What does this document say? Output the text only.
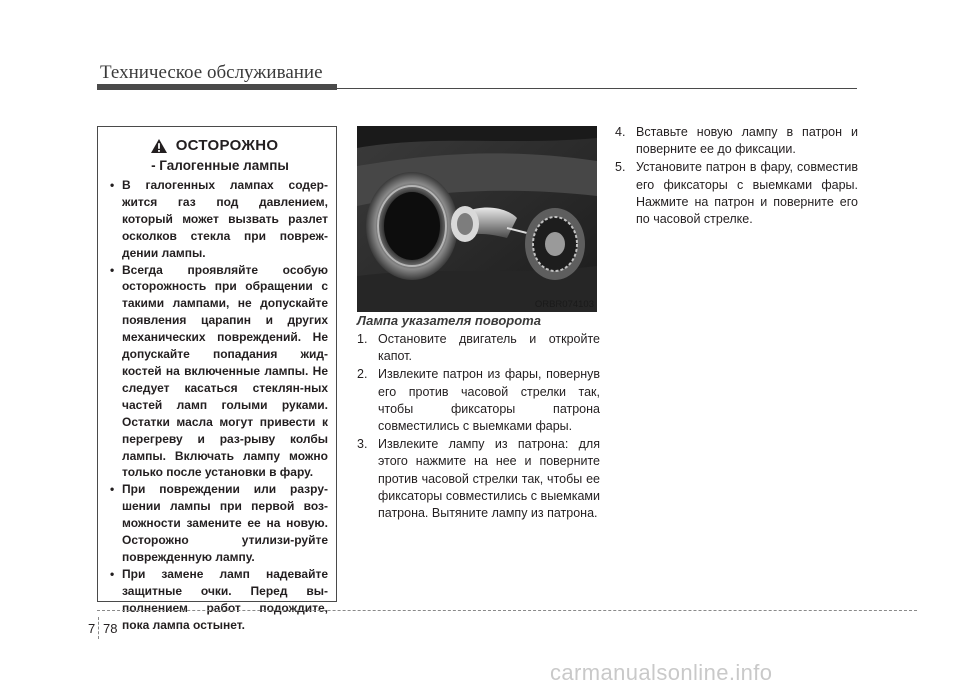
Техническое обслуживание
ОСТОРОЖНО
- Галогенные лампы
• В галогенных лампах содер-жится газ под давлением, который может вызвать разлет осколков стекла при повреж-дении лампы.
• Всегда проявляйте особую осторожность при обращении с такими лампами, не допускайте появления царапин и других механических повреждений. Не допускайте попадания жид-костей на включенные лампы. Не следует касаться стеклян-ных частей ламп голыми руками. Остатки масла могут привести к перегреву и раз-рыву колбы лампы. Включать лампу можно только после установки в фару.
• При повреждении или разру-шении лампы при первой воз-можности замените ее на новую. Осторожно утилизи-руйте поврежденную лампу.
• При замене ламп надевайте защитные очки. Перед вы-полнением работ подождите, пока лампа остынет.
ORBR074103
Лампа указателя поворота
1. Остановите двигатель и откройте капот.
2. Извлеките патрон из фары, повернув его против часовой стрелки так, чтобы фиксаторы патрона совместились с выемками фары.
3. Извлеките лампу из патрона: для этого нажмите на нее и поверните против часовой стрелки так, чтобы ее фиксаторы совместились с выемками патрона. Вытяните лампу из патрона.
4. Вставьте новую лампу в патрон и поверните ее до фиксации.
5. Установите патрон в фару, совместив его фиксаторы с выемками фары. Нажмите на патрон и поверните его по часовой стрелке.
7 78
carmanualsonline.info
